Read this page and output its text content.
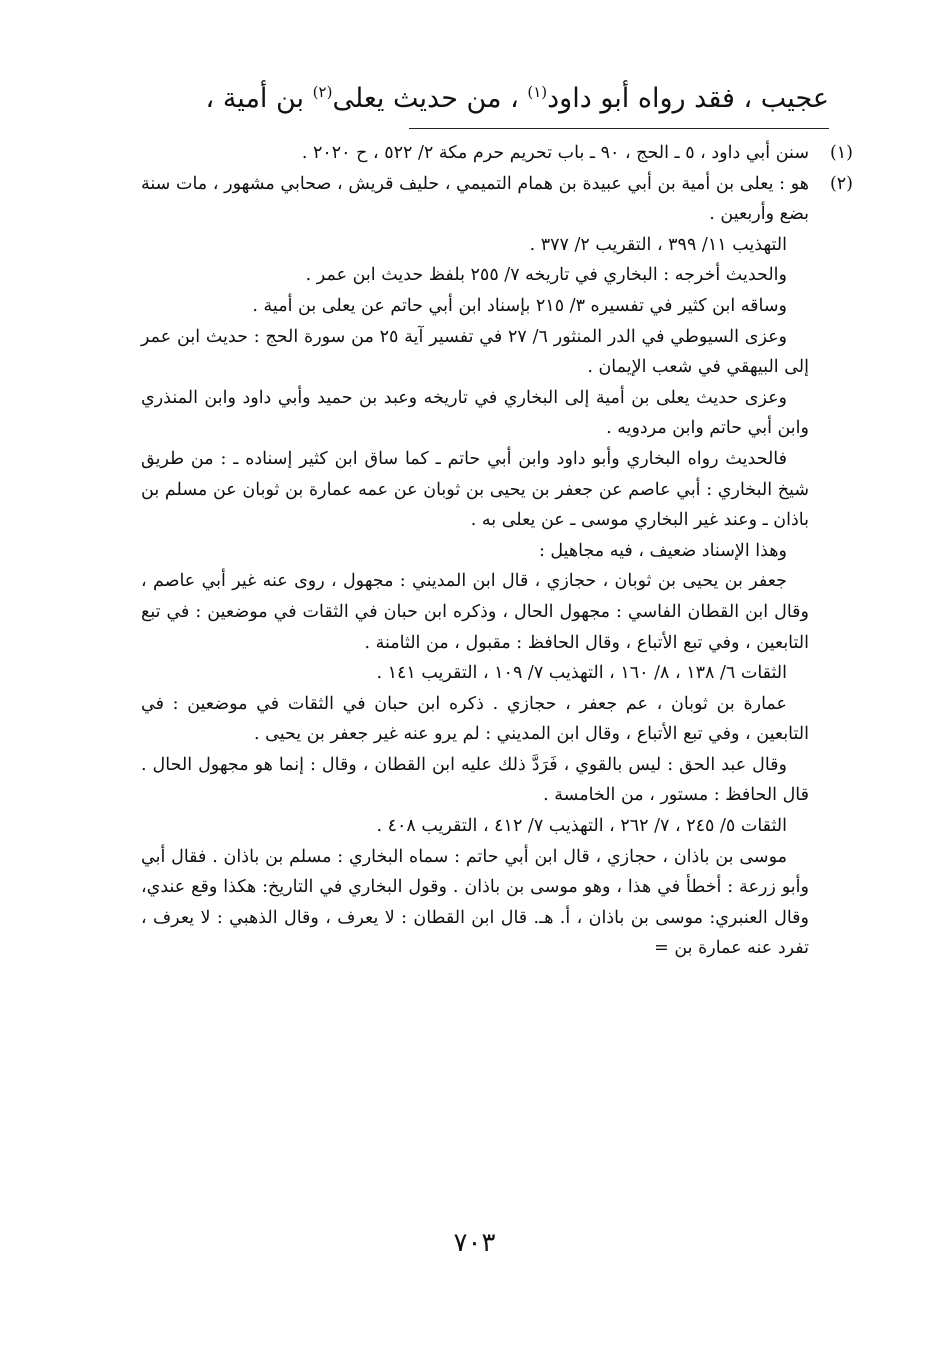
عجيب ، فقد رواه أبو داود$^{(١)}$ ، من حديث يعلى$^{(٢)}$ بن أمية ،
(١)

سنن أبي داود ، ٥ ـ الحج ، ٩٠ ـ باب تحريم حرم مكة ٢/ ٥٢٢ ، ح ٢٠٢٠ .

(٢)

هو : يعلى بن أمية بن أبي عبيدة بن همام التميمي ، حليف قريش ، صحابي مشهور ، مات سنة بضع وأربعين .

التهذيب ١١/ ٣٩٩ ، التقريب ٢/ ٣٧٧ .

والحديث أخرجه : البخاري في تاريخه ٧/ ٢٥٥ بلفظ حديث ابن عمر .

وساقه ابن كثير في تفسيره ٣/ ٢١٥ بإسناد ابن أبي حاتم عن يعلى بن أمية .

وعزى السيوطي في الدر المنثور ٦/ ٢٧ في تفسير آية ٢٥ من سورة الحج : حديث ابن عمر إلى البيهقي في شعب الإيمان .

وعزى حديث يعلى بن أمية إلى البخاري في تاريخه وعبد بن حميد وأبي داود وابن المنذري وابن أبي حاتم وابن مردويه .

فالحديث رواه البخاري وأبو داود وابن أبي حاتم ـ كما ساق ابن كثير إسناده ـ : من طريق شيخ البخاري : أبي عاصم عن جعفر بن يحيى بن ثوبان عن عمه عمارة بن ثوبان عن مسلم بن باذان ـ وعند غير البخاري موسى ـ عن يعلى به .

وهذا الإسناد ضعيف ، فيه مجاهيل :

جعفر بن يحيى بن ثوبان ، حجازي ، قال ابن المديني : مجهول ، روى عنه غير أبي عاصم ، وقال ابن القطان الفاسي : مجهول الحال ، وذكره ابن حبان في الثقات في موضعين : في تبع التابعين ، وفي تبع الأتباع ، وقال الحافظ : مقبول ، من الثامنة .

الثقات ٦/ ١٣٨ ، ٨/ ١٦٠ ، التهذيب ٧/ ١٠٩ ، التقريب ١٤١ .

عمارة بن ثوبان ، عم جعفر ، حجازي . ذكره ابن حبان في الثقات في موضعين : في التابعين ، وفي تبع الأتباع ، وقال ابن المديني : لم يرو عنه غير جعفر بن يحيى .

وقال عبد الحق : ليس بالقوي ، فَرَدَّ ذلك عليه ابن القطان ، وقال : إنما هو مجهول الحال . قال الحافظ : مستور ، من الخامسة .

الثقات ٥/ ٢٤٥ ، ٧/ ٢٦٢ ، التهذيب ٧/ ٤١٢ ، التقريب ٤٠٨ .

موسى بن باذان ، حجازي ، قال ابن أبي حاتم : سماه البخاري : مسلم بن باذان . فقال أبي وأبو زرعة : أخطأ في هذا ، وهو موسى بن باذان . وقول البخاري في التاريخ: هكذا وقع عندي، وقال العنبري: موسى بن باذان ، أ. هـ. قال ابن القطان : لا يعرف ، وقال الذهبي : لا يعرف ، تفرد عنه عمارة بن =

٧٠٣
